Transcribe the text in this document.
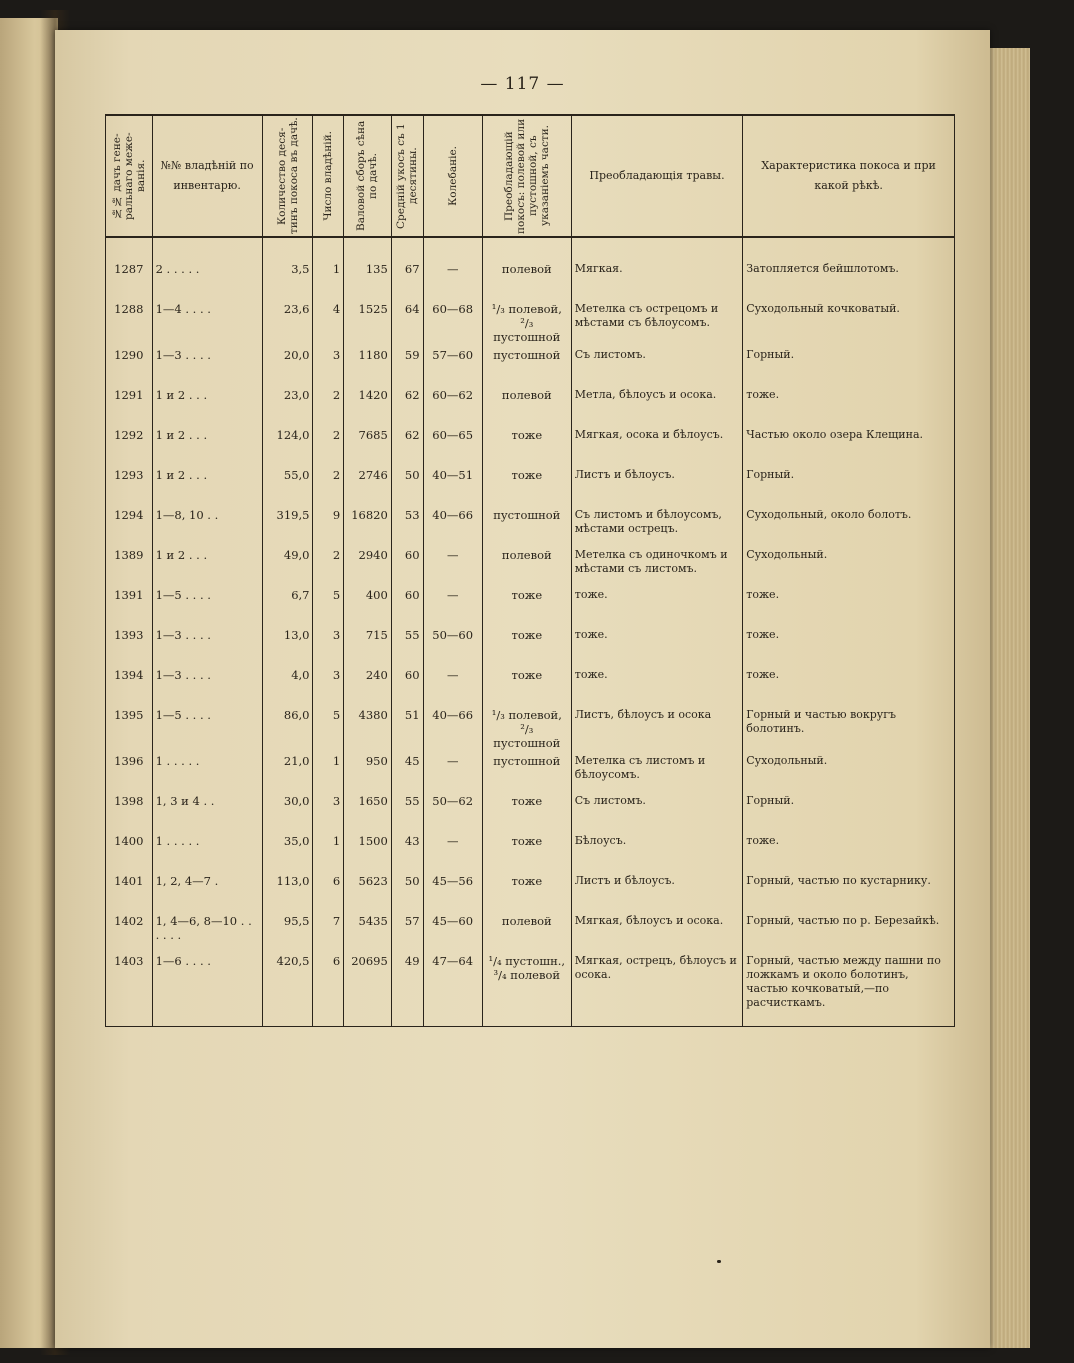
— 117 —
№№ дачъ гене-ральнаго меже-ванія.	№№ владѣній по инвентарю.	Количество деся-тинъ покоса въ дачѣ.	Число владѣній.	Валовой сборъ сѣна по дачѣ.	Средній укосъ съ 1 десятины.	Колебаніе.	Преобладающій покосъ: полевой или пустошной, съ указаніемъ части.	Преобладающія травы.	Характеристика покоса и при какой рѣкѣ.

1287	2 . . . . .	3,5	1	135	67	—	полевой	Мягкая.	Затопляется бейшлотомъ.
1288	1—4 . . . .	23,6	4	1525	64	60—68	¹/₃ полевой, ²/₃ пустошной	Метелка съ острецомъ и мѣстами съ бѣлоусомъ.	Суходольный кочковатый.
1290	1—3 . . . .	20,0	3	1180	59	57—60	пустошной	Съ листомъ.	Горный.
1291	1 и 2 . . .	23,0	2	1420	62	60—62	полевой	Метла, бѣлоусъ и осока.	тоже.
1292	1 и 2 . . .	124,0	2	7685	62	60—65	тоже	Мягкая, осока и бѣлоусъ.	Частью около озера Клещина.
1293	1 и 2 . . .	55,0	2	2746	50	40—51	тоже	Листъ и бѣлоусъ.	Горный.
1294	1—8, 10 . .	319,5	9	16820	53	40—66	пустошной	Съ листомъ и бѣлоусомъ, мѣстами острецъ.	Суходольный, около болотъ.
1389	1 и 2 . . .	49,0	2	2940	60	—	полевой	Метелка съ одиночкомъ и мѣстами съ листомъ.	Суходольный.
1391	1—5 . . . .	6,7	5	400	60	—	тоже	тоже.	тоже.
1393	1—3 . . . .	13,0	3	715	55	50—60	тоже	тоже.	тоже.
1394	1—3 . . . .	4,0	3	240	60	—	тоже	тоже.	тоже.
1395	1—5 . . . .	86,0	5	4380	51	40—66	¹/₃ полевой, ²/₃ пустошной	Листъ, бѣлоусъ и осока	Горный и частью вокругъ болотинъ.
1396	1 . . . . .	21,0	1	950	45	—	пустошной	Метелка съ листомъ и бѣлоусомъ.	Суходольный.
1398	1, 3 и 4 . .	30,0	3	1650	55	50—62	тоже	Съ листомъ.	Горный.
1400	1 . . . . .	35,0	1	1500	43	—	тоже	Бѣлоусъ.	тоже.
1401	1, 2, 4—7 .	113,0	6	5623	50	45—56	тоже	Листъ и бѣлоусъ.	Горный, частью по кустарнику.
1402	1, 4—6, 8—10 . . . . . .	95,5	7	5435	57	45—60	полевой	Мягкая, бѣлоусъ и осока.	Горный, частью по р. Березайкѣ.
1403	1—6 . . . .	420,5	6	20695	49	47—64	¹/₄ пустошн., ³/₄ полевой	Мягкая, острецъ, бѣлоусъ и осока.	Горный, частью между пашни по ложкамъ и около болотинъ, частью кочковатый,—по расчисткамъ.
